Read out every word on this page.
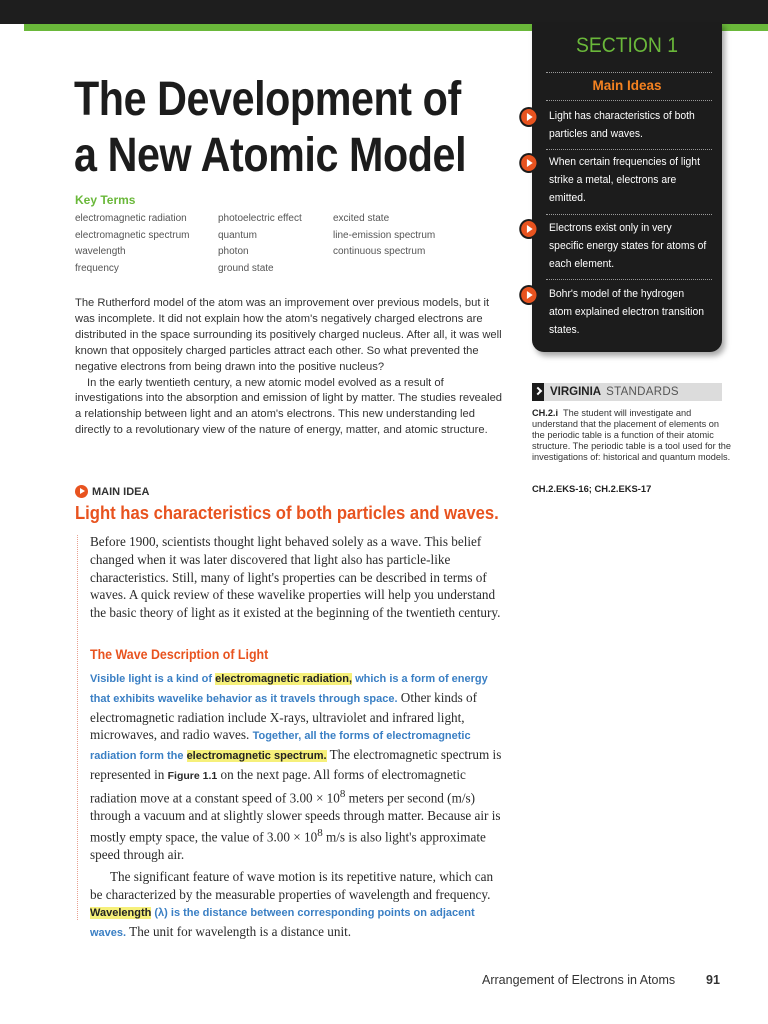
The Development of
a New Atomic Model
Key Terms
electromagnetic radiation
electromagnetic spectrum
wavelength
frequency
photoelectric effect
quantum
photon
ground state
excited state
line-emission spectrum
continuous spectrum

The Rutherford model of the atom was an improvement over previous models, but it was incomplete. It did not explain how the atom's negatively charged electrons are distributed in the space surrounding its positively charged nucleus. After all, it was well known that oppositely charged particles attract each other. So what prevented the negative electrons from being drawn into the positive nucleus?

In the early twentieth century, a new atomic model evolved as a result of investigations into the absorption and emission of light by matter. The studies revealed a relationship between light and an atom's electrons. This new understanding led directly to a revolutionary view of the nature of energy, matter, and atomic structure.

MAIN IDEA
Light has characteristics of both particles and waves.

Before 1900, scientists thought light behaved solely as a wave. This belief changed when it was later discovered that light also has particle-like characteristics. Still, many of light's properties can be described in terms of waves. A quick review of these wavelike properties will help you understand the basic theory of light as it existed at the beginning of the twentieth century.

The Wave Description of Light

Visible light is a kind of electromagnetic radiation, which is a form of energy that exhibits wavelike behavior as it travels through space. Other kinds of electromagnetic radiation include X-rays, ultraviolet and infrared light, microwaves, and radio waves. Together, all the forms of electromagnetic radiation form the electromagnetic spectrum. The electromagnetic spectrum is represented in Figure 1.1 on the next page. All forms of electromagnetic radiation move at a constant speed of $3.00 \times 10^8$ meters per second (m/s) through a vacuum and at slightly slower speeds through matter. Because air is mostly empty space, the value of $3.00 \times 10^8$ m/s is also light's approximate speed through air.

The significant feature of wave motion is its repetitive nature, which can be characterized by the measurable properties of wavelength and frequency. Wavelength (λ) is the distance between corresponding points on adjacent waves. The unit for wavelength is a distance unit.

SECTION 1
Main Ideas
Light has characteristics of both particles and waves.
When certain frequencies of light strike a metal, electrons are emitted.
Electrons exist only in very specific energy states for atoms of each element.
Bohr's model of the hydrogen atom explained electron transition states.
VIRGINIA STANDARDS
CH.2.i The student will investigate and understand that the placement of elements on the periodic table is a function of their atomic structure. The periodic table is a tool used for the investigations of: historical and quantum models.
CH.2.EKS-16; CH.2.EKS-17
Arrangement of Electrons in Atoms 91
